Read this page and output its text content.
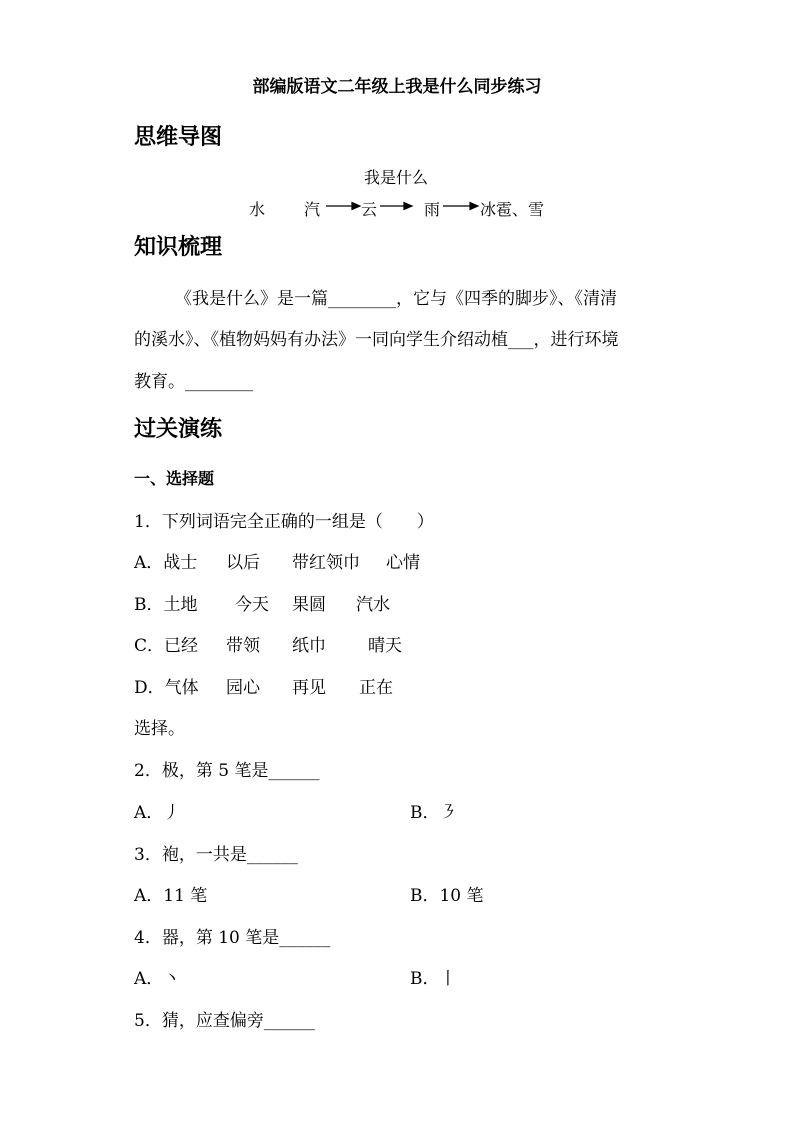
部编版语文二年级上我是什么同步练习
思维导图
我是什么
水 汽	云	雨 冰雹、雪
知识梳理
《我是什么》是一篇________，它与《四季的脚步》、《清清
的溪水》、《植物妈妈有办法》一同向学生介绍动植___，进行环境
教育。________
过关演练
一、选择题
1．下列词语完全正确的一组是（　　）
A．战士 以后 带红领巾 心情
B．土地 今天 果圆 汽水
C．已经 带领 纸巾 晴天
D．气体 园心 再见 正在
选择。
2．极，第 5 笔是______
A．丿	B．㇋
3．袍，一共是______
A．11 笔	B．10 笔
4．器，第 10 笔是______
A．丶	B．丨
5．猜，应查偏旁______
